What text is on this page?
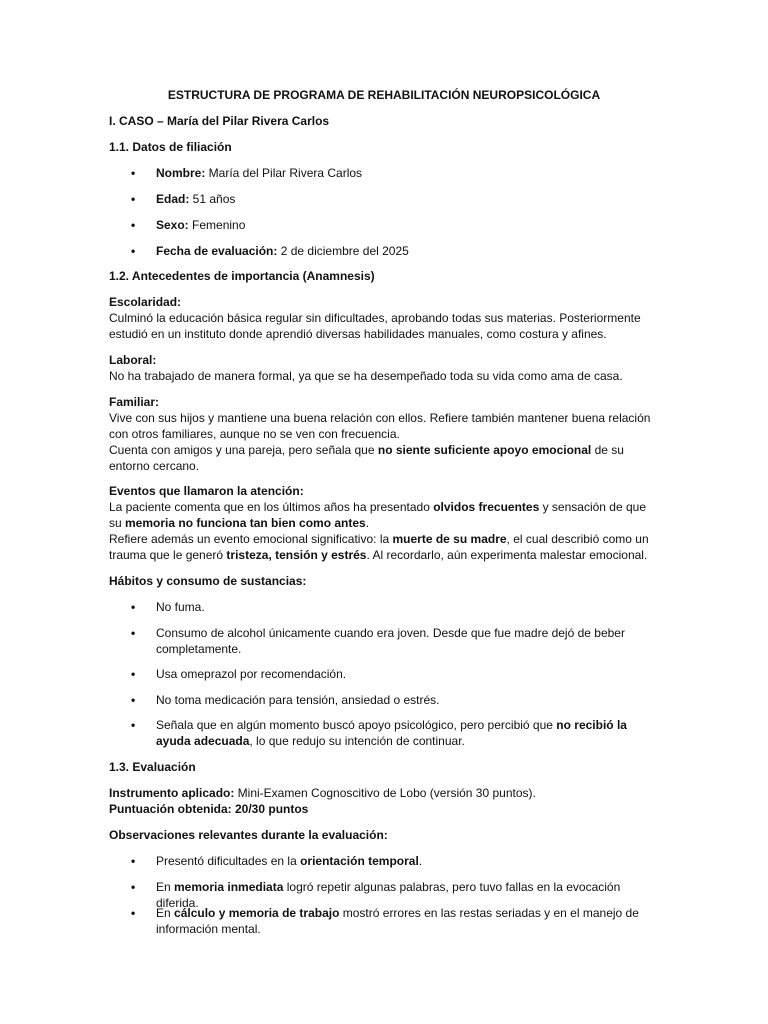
ESTRUCTURA DE PROGRAMA DE REHABILITACIÓN NEUROPSICOLÓGICA

I. CASO – María del Pilar Rivera Carlos

1.1. Datos de filiación

•	Nombre: María del Pilar Rivera Carlos

•	Edad: 51 años

•	Sexo: Femenino

•	Fecha de evaluación: 2 de diciembre del 2025

1.2. Antecedentes de importancia (Anamnesis)

Escolaridad:

Culminó la educación básica regular sin dificultades, aprobando todas sus materias. Posteriormente estudió en un instituto donde aprendió diversas habilidades manuales, como costura y afines.

Laboral:

No ha trabajado de manera formal, ya que se ha desempeñado toda su vida como ama de casa.

Familiar:

Vive con sus hijos y mantiene una buena relación con ellos. Refiere también mantener buena relación con otros familiares, aunque no se ven con frecuencia.

Cuenta con amigos y una pareja, pero señala que no siente suficiente apoyo emocional de su entorno cercano.

Eventos que llamaron la atención:

La paciente comenta que en los últimos años ha presentado olvidos frecuentes y sensación de que su memoria no funciona tan bien como antes.

Refiere además un evento emocional significativo: la muerte de su madre, el cual describió como un trauma que le generó tristeza, tensión y estrés. Al recordarlo, aún experimenta malestar emocional.

Hábitos y consumo de sustancias:

•	No fuma.

•	Consumo de alcohol únicamente cuando era joven. Desde que fue madre dejó de beber completamente.

•	Usa omeprazol por recomendación.

•	No toma medicación para tensión, ansiedad o estrés.

•	Señala que en algún momento buscó apoyo psicológico, pero percibió que no recibió la ayuda adecuada, lo que redujo su intención de continuar.

1.3. Evaluación

Instrumento aplicado: Mini-Examen Cognoscitivo de Lobo (versión 30 puntos).

Puntuación obtenida: 20/30 puntos

Observaciones relevantes durante la evaluación:

•	Presentó dificultades en la orientación temporal.

•	En memoria inmediata logró repetir algunas palabras, pero tuvo fallas en la evocación diferida.

•	En cálculo y memoria de trabajo mostró errores en las restas seriadas y en el manejo de información mental.
